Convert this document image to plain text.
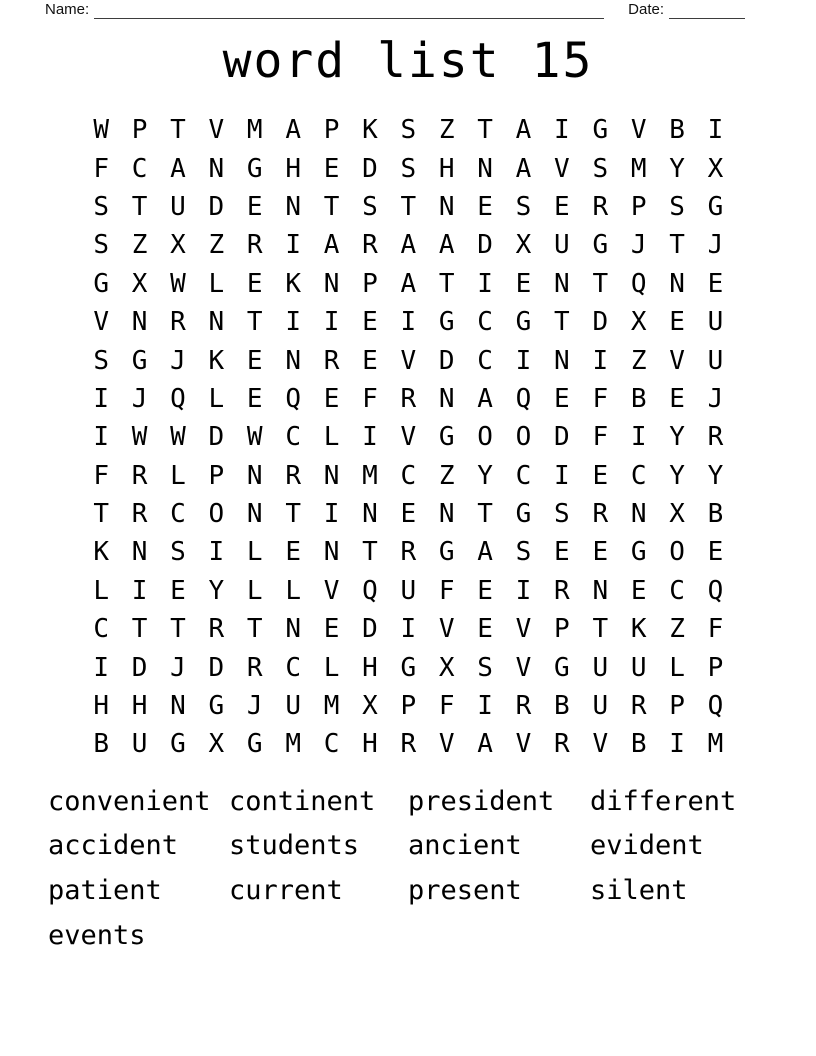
Name:	Date:
word list 15
W P T V M A P K S Z T A I G V B I
F C A N G H E D S H N A V S M Y X
S T U D E N T S T N E S E R P S G
S Z X Z R I A R A A D X U G J T J
G X W L E K N P A T I E N T Q N E
V N R N T I I E I G C G T D X E U
S G J K E N R E V D C I N I Z V U
I J Q L E Q E F R N A Q E F B E J
I W W D W C L I V G O O D F I Y R
F R L P N R N M C Z Y C I E C Y Y
T R C O N T I N E N T G S R N X B
K N S I L E N T R G A S E E G O E
L I E Y L L V Q U F E I R N E C Q
C T T R T N E D I V E V P T K Z F
I D J D R C L H G X S V G U U L P
H H N G J U M X P F I R B U R P Q
B U G X G M C H R V A V R V B I M
convenient continent	president	different
accident	students	ancient	evident
patient	current	present	silent
events
